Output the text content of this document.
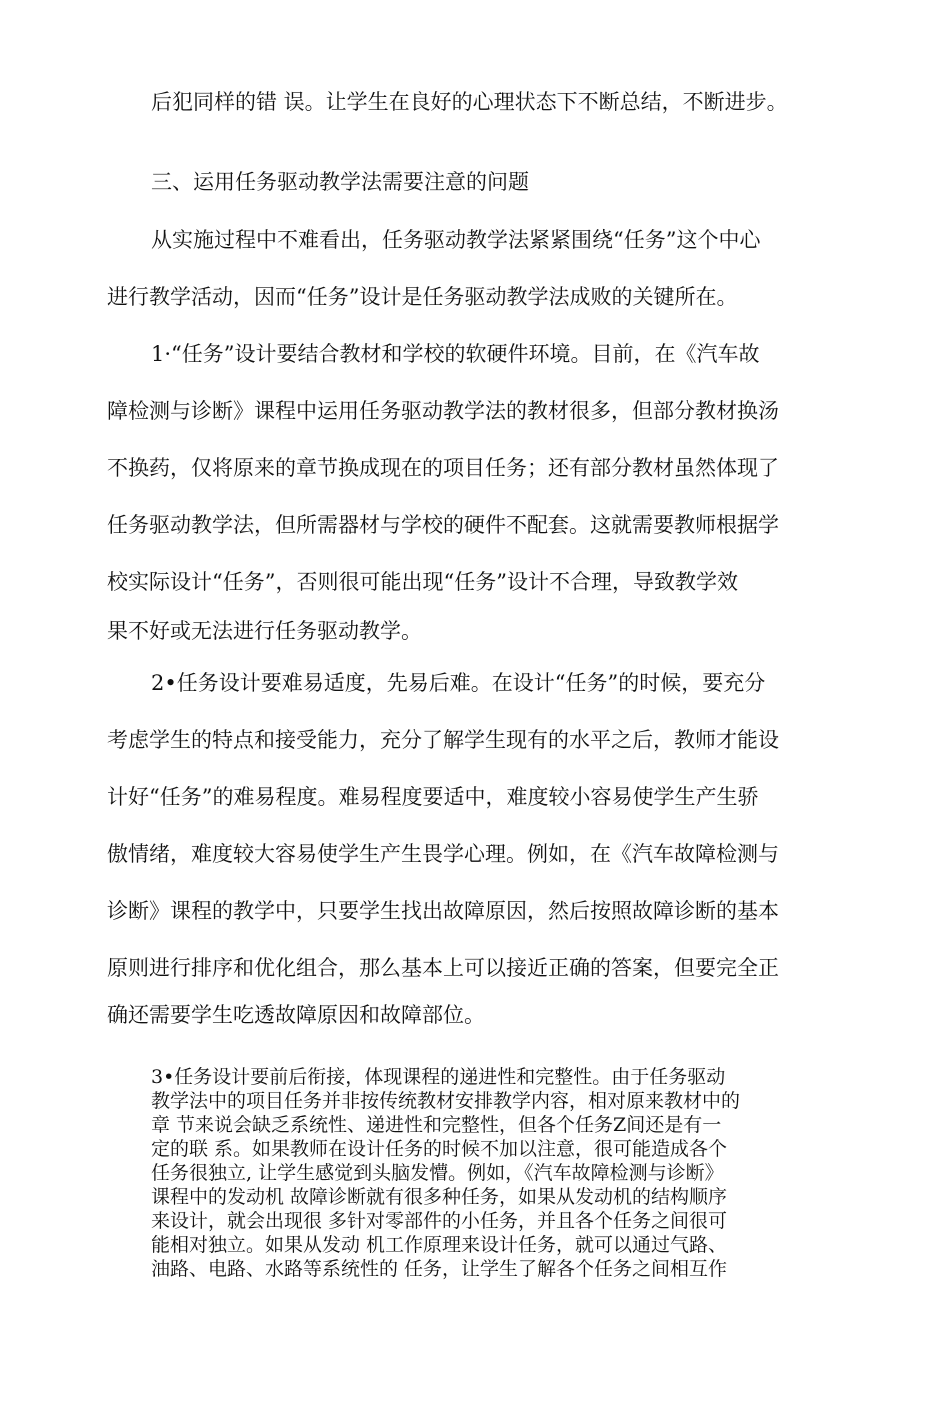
后犯同样的错 误。让学生在良好的心理状态下不断总结，不断进步。
三、运用任务驱动教学法需要注意的问题
从实施过程中不难看出，任务驱动教学法紧紧围绕“任务”这个中心
进行教学活动，因而“任务”设计是任务驱动教学法成败的关键所在。
1·“任务”设计要结合教材和学校的软硬件环境。目前，在《汽车故
障检测与诊断》课程中运用任务驱动教学法的教材很多，但部分教材换汤
不换药，仅将原来的章节换成现在的项目任务；还有部分教材虽然体现了
任务驱动教学法，但所需器材与学校的硬件不配套。这就需要教师根据学
校实际设计“任务”，否则很可能出现“任务”设计不合理，导致教学效
果不好或无法进行任务驱动教学。
2•任务设计要难易适度，先易后难。在设计“任务”的时候，要充分
考虑学生的特点和接受能力，充分了解学生现有的水平之后，教师才能设
计好“任务”的难易程度。难易程度要适中，难度较小容易使学生产生骄
傲情绪，难度较大容易使学生产生畏学心理。例如，在《汽车故障检测与
诊断》课程的教学中，只要学生找出故障原因，然后按照故障诊断的基本
原则进行排序和优化组合，那么基本上可以接近正确的答案，但要完全正
确还需要学生吃透故障原因和故障部位。
3•任务设计要前后衔接，体现课程的递进性和完整性。由于任务驱动
教学法中的项目任务并非按传统教材安排教学内容，相对原来教材中的
章 节来说会缺乏系统性、递进性和完整性，但各个任务Z间还是有一
定的联 系。如果教师在设计任务的时候不加以注意，很可能造成各个
任务很独立, 让学生感觉到头脑发懵。例如，《汽车故障检测与诊断》
课程中的发动机 故障诊断就有很多种任务，如果从发动机的结构顺序
来设计，就会出现很 多针对零部件的小任务，并且各个任务之间很可
能相对独立。如果从发动 机工作原理来设计任务，就可以通过气路、
油路、电路、水路等系统性的 任务，让学生了解各个任务之间相互作
